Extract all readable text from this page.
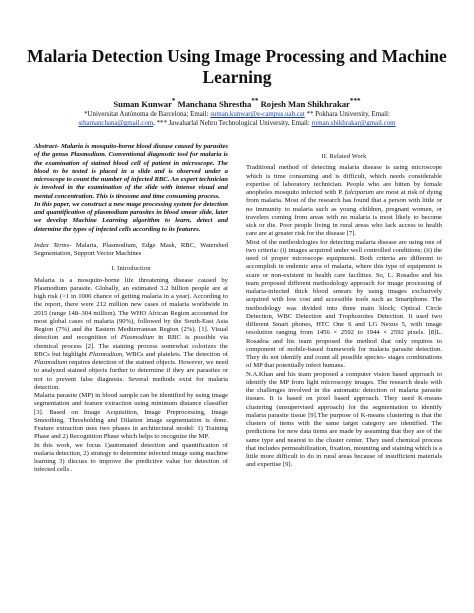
Malaria Detection Using Image Processing and Machine Learning
Suman Kunwar* Manchana Shrestha** Rojesh Man Shikhrakar***
*Universitat Autònoma de Barcelona; Email: suman.kunwar@e-campus.uab.cat ** Pokhara University, Email:
sthamanchana@gmail.com, *** Jawaharlal Nehru Technological University, Email: roman.shikhrakar@gmail.com

Abstract- Malaria is mosquito-borne blood disease caused by parasites of the genus Plasmodium. Conventional diagnostic tool for malaria is the examination of stained blood cell of patient in microscope. The blood to be tested is placed in a slide and is observed under a microscope to count the number of infected RBC. An expert technician is involved in the examination of the slide with intense visual and mental concentration. This is tiresome and time consuming process.
In this paper, we construct a new mage processing system for detection and quantification of plasmodium parasites in blood smear slide, later we develop Machine Learning algorithm to learn, detect and determine the types of infected cells according to its features.

Index Terms- Malaria, Plasmodium, Edge Mask, RBC, Watershed Segmentation, Support Vector Machines

I. Introduction

Malaria is a mosquito-borne life threatening disease caused by Plasmodium parasite. Globally, an estimated 3.2 billion people are at high risk (>1 in 1000 chance of getting malaria in a year). According to the report, there were 212 million new cases of malaria worldwide in 2015 (range 148–304 million). The WHO African Region accounted for most global cases of malaria (90%), followed by the South-East Asia Region (7%) and the Eastern Mediterranean Region (2%). [1]. Visual detection and recognition of Plasmodium in RBC is possible via chemical process [2]. The staining process somewhat colorizes the RBCs but highlight Plasmodium, WBCs and platelets. The detection of Plasmodium requires detection of the stained objects. However, we need to analyzed stained objects further to determine if they are parasites or not to prevent false diagnosis. Several methods exist for malaria detection.

Malaria parasite (MP) in blood sample can be identified by using image segmentation and feature extraction using minimum distance classifier [3]. Based on Image Acquisition, Image Preprocessing, Image Smoothing, Thresholding and Dilation image segmentation is done. Feature extraction uses two phases in architectural model: 1) Training Phase and 2) Recognition Phase which helps to recognize the MP.

In this work, we focus 1)automated detection and quantification of malaria detection, 2) strategy to determine infected image using machine learning 3) discuss to improve the predictive value for detection of infected cells .

II. Related Work

Traditional method of detecting malaria disease is using microscope which is time consuming and is difficult, which needs considerable expertise of laboratory technician. People who are bitten by female anopheles mosquito infected with P. falciparum are most at risk of dying from malaria. Most of the research has found that a person with little or no immunity to malaria such as young children, pregnant women, or travelers coming from areas with no malaria is most likely to become sick or die. Poor people living in rural areas who lack access to health care are at greater risk for the disease [7].

Most of the methodologies for detecting malaria disease are using one of two criteria: (i) images acquired under well controlled conditions; (ii) the need of proper microscope equipment. Both criteria are different to accomplish in endemic area of malaria, where this type of equipment is scare or non-existent in health care facilities. So, L. Rosados and his team proposed different methodology approach for image processing of malaria-infected thick blood smears by using images exclusively acquired with low cost and accessible tools such as Smartphone. The methodology was divided into three main block; Optical Circle Detection, WBC Detection and Trophozoites Detection. It used two different Smart phones, HTC One S and LG Nexus 5, with image resolution ranging from 1456 × 2592 to 1944 × 2592 pixels. [8]L. Rosadoa and his team proposed the method that only requires to component of mobile-based framework for malaria parasite detection. They do not identify and count all possible species- stages combinations of MP that potentially infect humans.

N.A.Khan and his team proposed a computer vision based approach to identify the MP from light microscopy images. The research deals with the challenges involved in the automatic detection of malaria parasite tissues. It is based on pixel based approach. They used K-means clustering (unsupervised approach) for the segmentation to identify malaria parasite tissue [9].The purpose of K-means clustering is that the clusters of items with the same target category are identified. The predictions for new data items are made by assuming that they are of the same type and nearest to the cluster center. They used chemical process that includes permeabilization, fixation, mounting and staining which is a little more difficult to do in rural areas because of insufficient materials and expertise [9].
